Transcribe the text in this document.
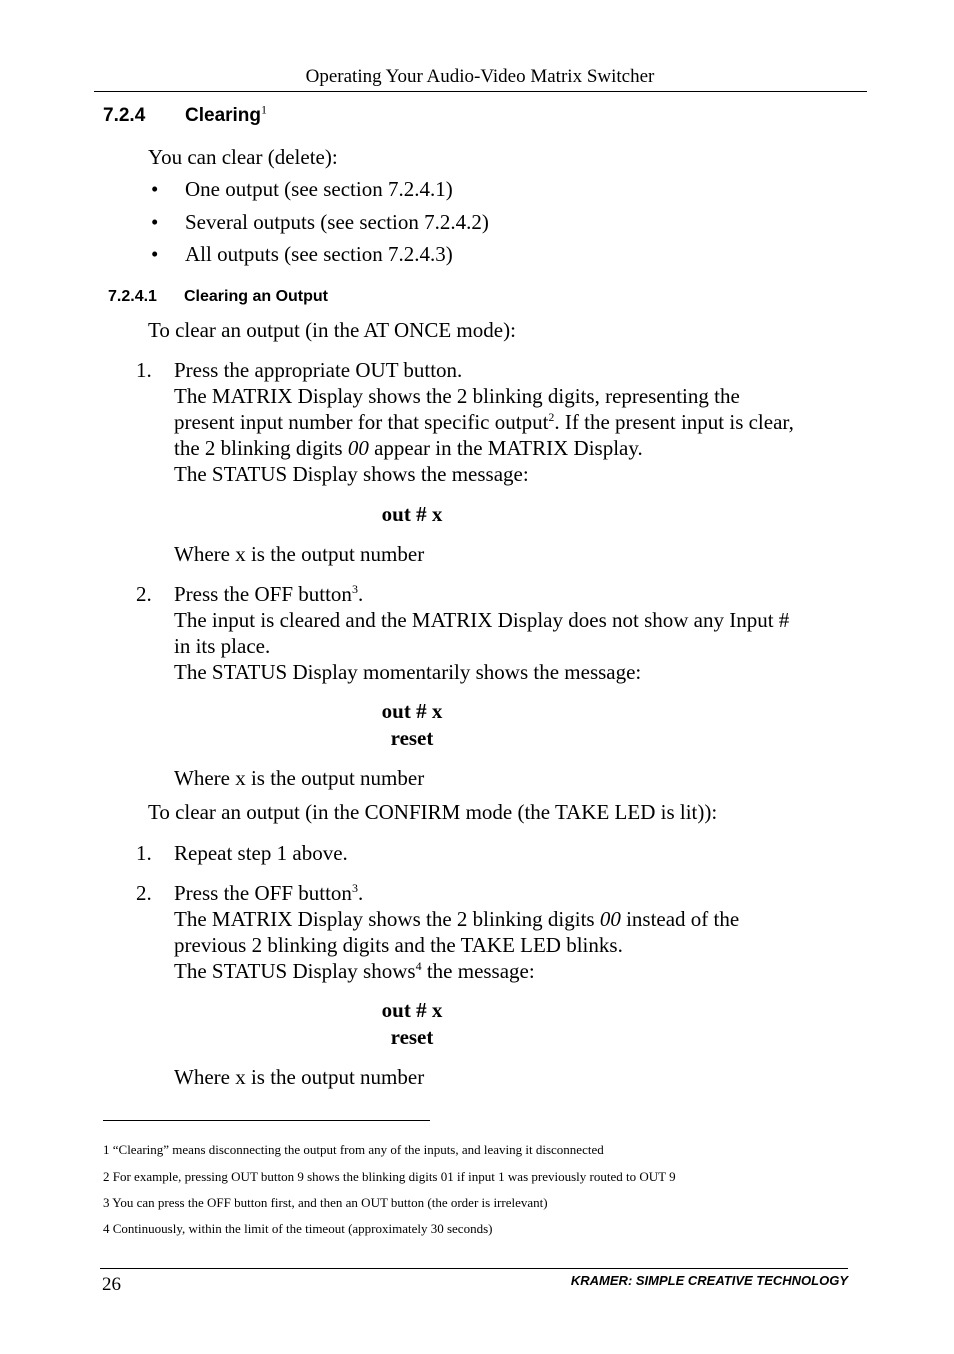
Operating Your Audio-Video Matrix Switcher
7.2.4 Clearing$^1$
You can clear (delete):
• One output (see section 7.2.4.1)
• Several outputs (see section 7.2.4.2)
• All outputs (see section 7.2.4.3)
7.2.4.1 Clearing an Output
To clear an output (in the AT ONCE mode):
1. Press the appropriate OUT button.
The MATRIX Display shows the 2 blinking digits, representing the
present input number for that specific output$^2$. If the present input is clear,
the 2 blinking digits 00 appear in the MATRIX Display.
The STATUS Display shows the message:
out # x
Where x is the output number
2. Press the OFF button$^3$.
The input is cleared and the MATRIX Display does not show any Input #
in its place.
The STATUS Display momentarily shows the message:
out # x
reset
Where x is the output number
To clear an output (in the CONFIRM mode (the TAKE LED is lit)):
1. Repeat step 1 above.
2. Press the OFF button$^3$.
The MATRIX Display shows the 2 blinking digits 00 instead of the
previous 2 blinking digits and the TAKE LED blinks.
The STATUS Display shows$^4$ the message:
out # x
reset
Where x is the output number
1 “Clearing” means disconnecting the output from any of the inputs, and leaving it disconnected
2 For example, pressing OUT button 9 shows the blinking digits 01 if input 1 was previously routed to OUT 9
3 You can press the OFF button first, and then an OUT button (the order is irrelevant)
4 Continuously, within the limit of the timeout (approximately 30 seconds)
26	KRAMER: SIMPLE CREATIVE TECHNOLOGY
